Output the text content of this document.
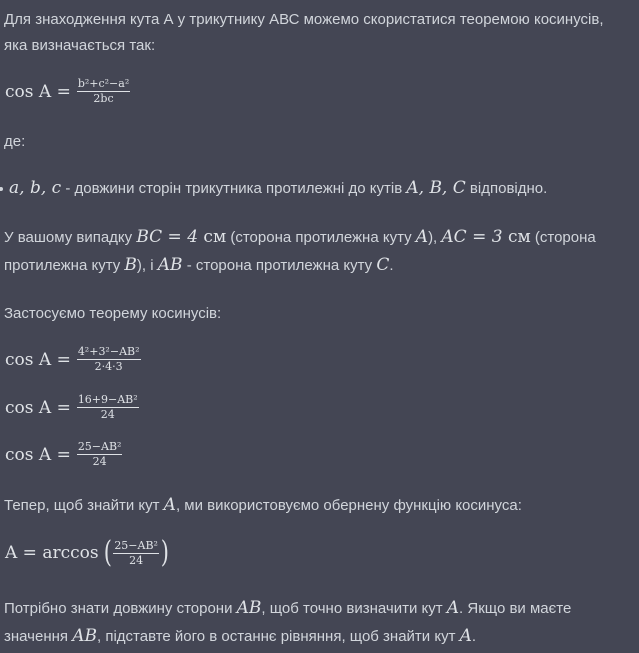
Для знаходження кута А у трикутнику АВС можемо скористатися теоремою косинусів,
яка визначається так:
$\cos A = \frac{\text{b²+c²−a²}}{2bc}$
де:
a, b, c - довжини сторін трикутника протилежні до кутів A, B, C відповідно.
У вашому випадку BC = 4 см (сторона протилежна куту A), AC = 3 см (сторона
протилежна куту B), і AB - сторона протилежна куту C.
Застосуємо теорему косинусів:
$\cos A = \frac{\text{4²+3²−AB²}}{2\cdot 4\cdot 3}$
$\cos A = \frac{\text{16+9−AB²}}{24}$
$\cos A = \frac{\text{25−AB²}}{24}$
Тепер, щоб знайти кут A, ми використовуємо обернену функцію косинуса:
A = arccos ( $\frac{\text{25−AB²}}{24}$ )
Потрібно знати довжину сторони AB, щоб точно визначити кут A. Якщо ви маєте
значення AB, підставте його в останнє рівняння, щоб знайти кут A.
